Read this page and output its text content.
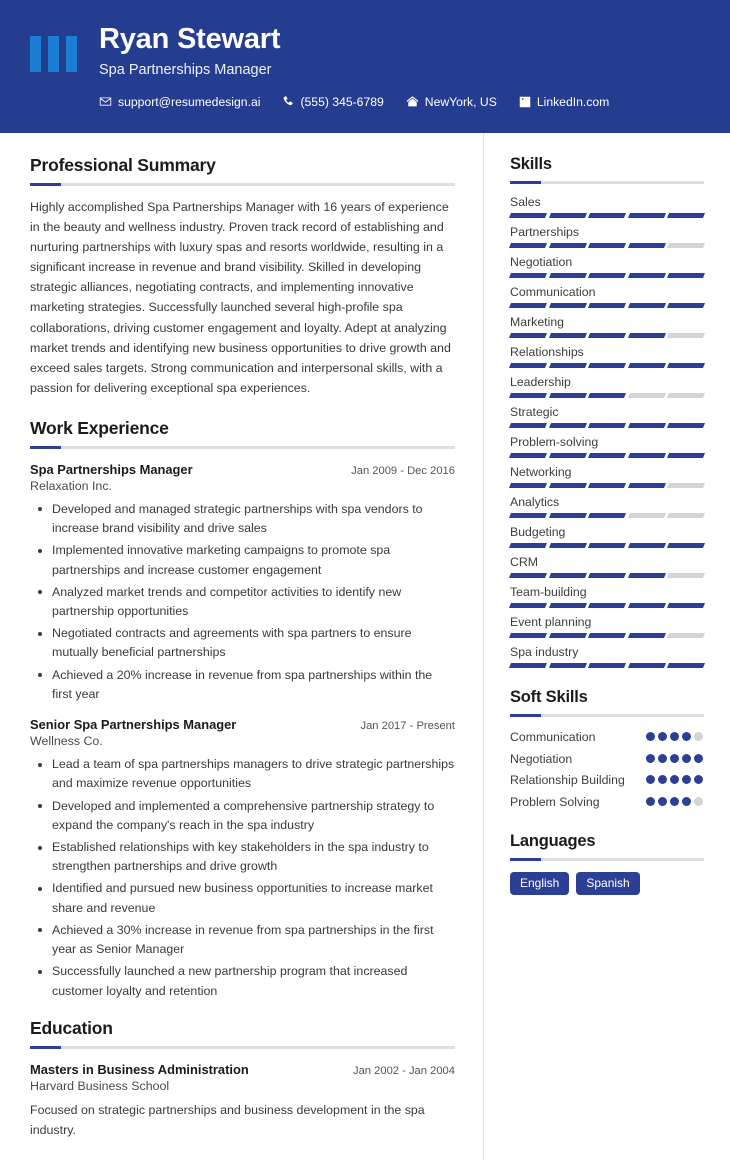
Ryan Stewart
Spa Partnerships Manager
support@resumedesign.ai	(555) 345-6789	NewYork, US	LinkedIn.com
Professional Summary
Highly accomplished Spa Partnerships Manager with 16 years of experience in the beauty and wellness industry. Proven track record of establishing and nurturing partnerships with luxury spas and resorts worldwide, resulting in a significant increase in revenue and brand visibility. Skilled in developing strategic alliances, negotiating contracts, and implementing innovative marketing strategies. Successfully launched several high-profile spa collaborations, driving customer engagement and loyalty. Adept at analyzing market trends and identifying new business opportunities to drive growth and exceed sales targets. Strong communication and interpersonal skills, with a passion for delivering exceptional spa experiences.
Work Experience
Spa Partnerships Manager	Jan 2009 - Dec 2016
Relaxation Inc.
Developed and managed strategic partnerships with spa vendors to increase brand visibility and drive sales
Implemented innovative marketing campaigns to promote spa partnerships and increase customer engagement
Analyzed market trends and competitor activities to identify new partnership opportunities
Negotiated contracts and agreements with spa partners to ensure mutually beneficial partnerships
Achieved a 20% increase in revenue from spa partnerships within the first year
Senior Spa Partnerships Manager	Jan 2017 - Present
Wellness Co.
Lead a team of spa partnerships managers to drive strategic partnerships and maximize revenue opportunities
Developed and implemented a comprehensive partnership strategy to expand the company's reach in the spa industry
Established relationships with key stakeholders in the spa industry to strengthen partnerships and drive growth
Identified and pursued new business opportunities to increase market share and revenue
Achieved a 30% increase in revenue from spa partnerships in the first year as Senior Manager
Successfully launched a new partnership program that increased customer loyalty and retention
Education
Masters in Business Administration	Jan 2002 - Jan 2004
Harvard Business School
Focused on strategic partnerships and business development in the spa industry.
Skills
Sales
Partnerships
Negotiation
Communication
Marketing
Relationships
Leadership
Strategic
Problem-solving
Networking
Analytics
Budgeting
CRM
Team-building
Event planning
Spa industry
Soft Skills
Communication
Negotiation
Relationship Building
Problem Solving
Languages
English	Spanish
